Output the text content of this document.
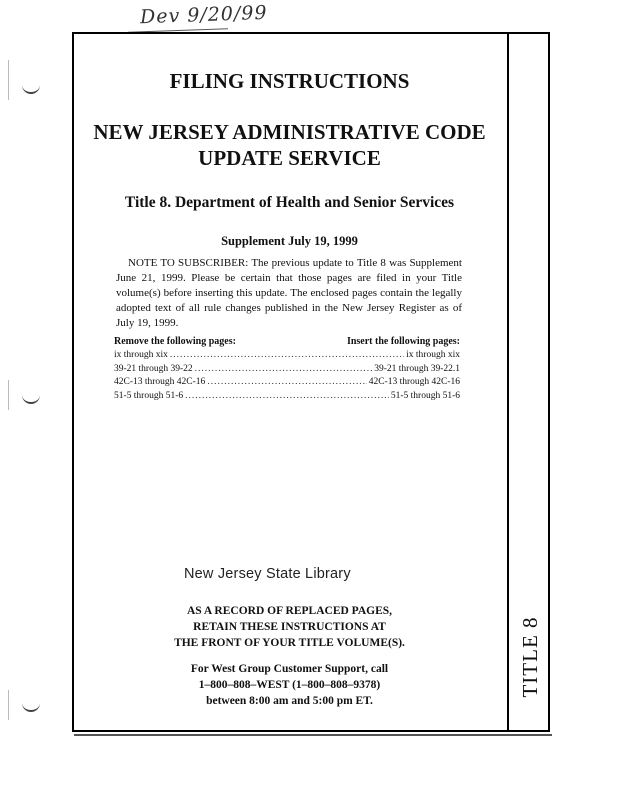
Dev 9/20/99
TITLE 8
FILING INSTRUCTIONS
NEW JERSEY ADMINISTRATIVE CODE
UPDATE SERVICE
Title 8. Department of Health and Senior Services
Supplement July 19, 1999
NOTE TO SUBSCRIBER: The previous update to Title 8 was Supplement June 21, 1999. Please be certain that those pages are filed in your Title volume(s) before inserting this update. The enclosed pages contain the legally adopted text of all rule changes published in the New Jersey Register as of July 19, 1999.
Remove the following pages:	Insert the following pages:
ix through xix .....	ix through xix
39-21 through 39-22 .....	39-21 through 39-22.1
42C-13 through 42C-16 .....	42C-13 through 42C-16
51-5 through 51-6 .....	51-5 through 51-6
New Jersey State Library
AS A RECORD OF REPLACED PAGES,
RETAIN THESE INSTRUCTIONS AT
THE FRONT OF YOUR TITLE VOLUME(S).
For West Group Customer Support, call
1–800–808–WEST (1–800–808–9378)
between 8:00 am and 5:00 pm ET.
